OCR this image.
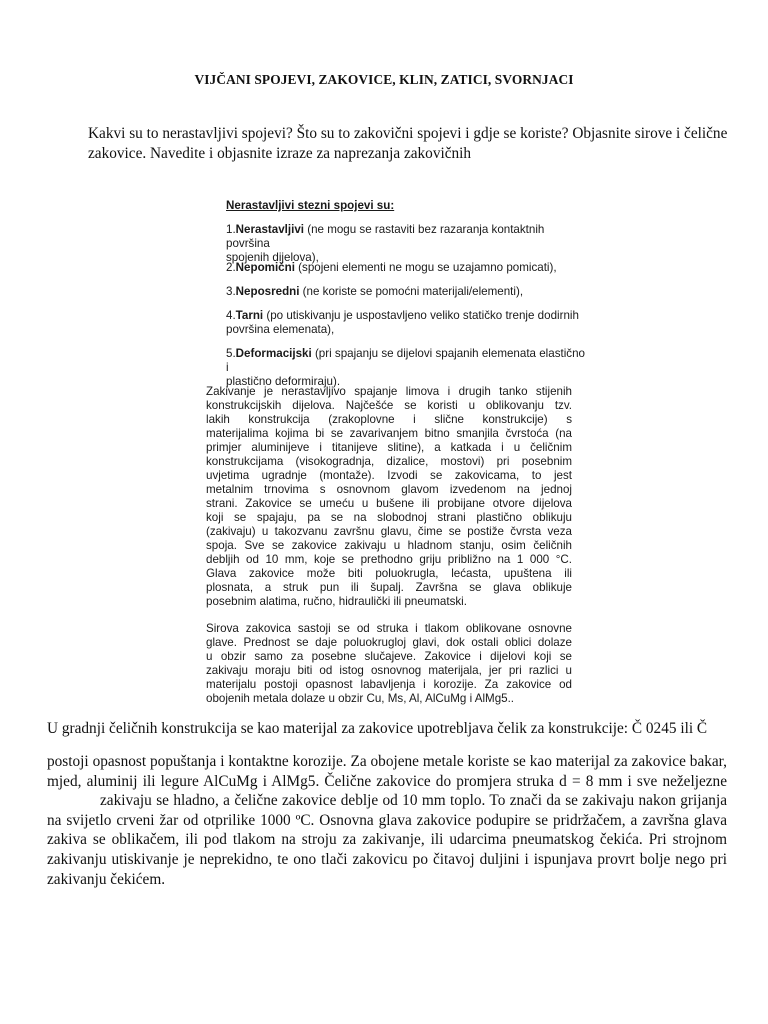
VIJČANI SPOJEVI, ZAKOVICE, KLIN, ZATICI, SVORNJACI
Kakvi su to nerastavljivi spojevi? Što su to zakovični spojevi i gdje se koriste? Objasnite sirove i čelične
zakovice. Navedite i objasnite izraze za naprezanja zakovičnih
Nerastavljivi stezni spojevi su:
1.Nerastavljivi (ne mogu se rastaviti bez razaranja kontaktnih površina
spojenih dijelova),
2.Nepomični (spojeni elementi ne mogu se uzajamno pomicati),
3.Neposredni (ne koriste se pomoćni materijali/elementi),
4.Tarni (po utiskivanju je uspostavljeno veliko statičko trenje dodirnih
površina elemenata),
5.Deformacijski (pri spajanju se dijelovi spajanih elemenata elastično i
plastično deformiraju).
Zakivanje je nerastavljivo spajanje limova i drugih tanko stijenih
konstrukcijskih dijelova. Najčešće se koristi u oblikovanju tzv.
lakih konstrukcija (zrakoplovne i slične konstrukcije) s
materijalima kojima bi se zavarivanjem bitno smanjila čvrstoća (na
primjer aluminijeve i titanijeve slitine), a katkada i u čeličnim
konstrukcijama (visokogradnja, dizalice, mostovi) pri posebnim
uvjetima ugradnje (montaže). Izvodi se zakovicama, to jest
metalnim trnovima s osnovnom glavom izvedenom na jednoj
strani. Zakovice se umeću u bušene ili probijane otvore dijelova
koji se spajaju, pa se na slobodnoj strani plastično oblikuju
(zakivaju) u takozvanu završnu glavu, čime se postiže čvrsta veza
spoja. Sve se zakovice zakivaju u hladnom stanju, osim čeličnih
debljih od 10 mm, koje se prethodno griju približno na 1 000 °C.
Glava zakovice može biti poluokrugla, lećasta, upuštena ili
plosnata, a struk pun ili šupalj. Završna se glava oblikuje
posebnim alatima, ručno, hidraulički ili pneumatski.
Sirova zakovica sastoji se od struka i tlakom oblikovane osnovne
glave. Prednost se daje poluokrugloj glavi, dok ostali oblici dolaze
u obzir samo za posebne slučajeve. Zakovice i dijelovi koji se
zakivaju moraju biti od istog osnovnog materijala, jer pri razlici u
materijalu postoji opasnost labavljenja i korozije. Za zakovice od
obojenih metala dolaze u obzir Cu, Ms, Al, AlCuMg i AlMg5..
U gradnji čeličnih konstrukcija se kao materijal za zakovice upotrebljava čelik za konstrukcije: Č 0245 ili Č
postoji opasnost popuštanja i kontaktne korozije. Za obojene metale koriste se kao materijal za zakovice bakar,
mjed, aluminij ili legure AlCuMg i AlMg5. Čelične zakovice do promjera struka d = 8 mm i sve neželjezne
zakivaju se hladno, a čelične zakovice deblje od 10 mm toplo. To znači da se zakivaju nakon grijanja
na svijetlo crveni žar od otprilike 1000 ºC. Osnovna glava zakovice podupire se pridržačem, a završna glava
zakiva se oblikačem, ili pod tlakom na stroju za zakivanje, ili udarcima pneumatskog čekića. Pri strojnom
zakivanju utiskivanje je neprekidno, te ono tlači zakovicu po čitavoj duljini i ispunjava provrt bolje nego pri
zakivanju čekićem.
